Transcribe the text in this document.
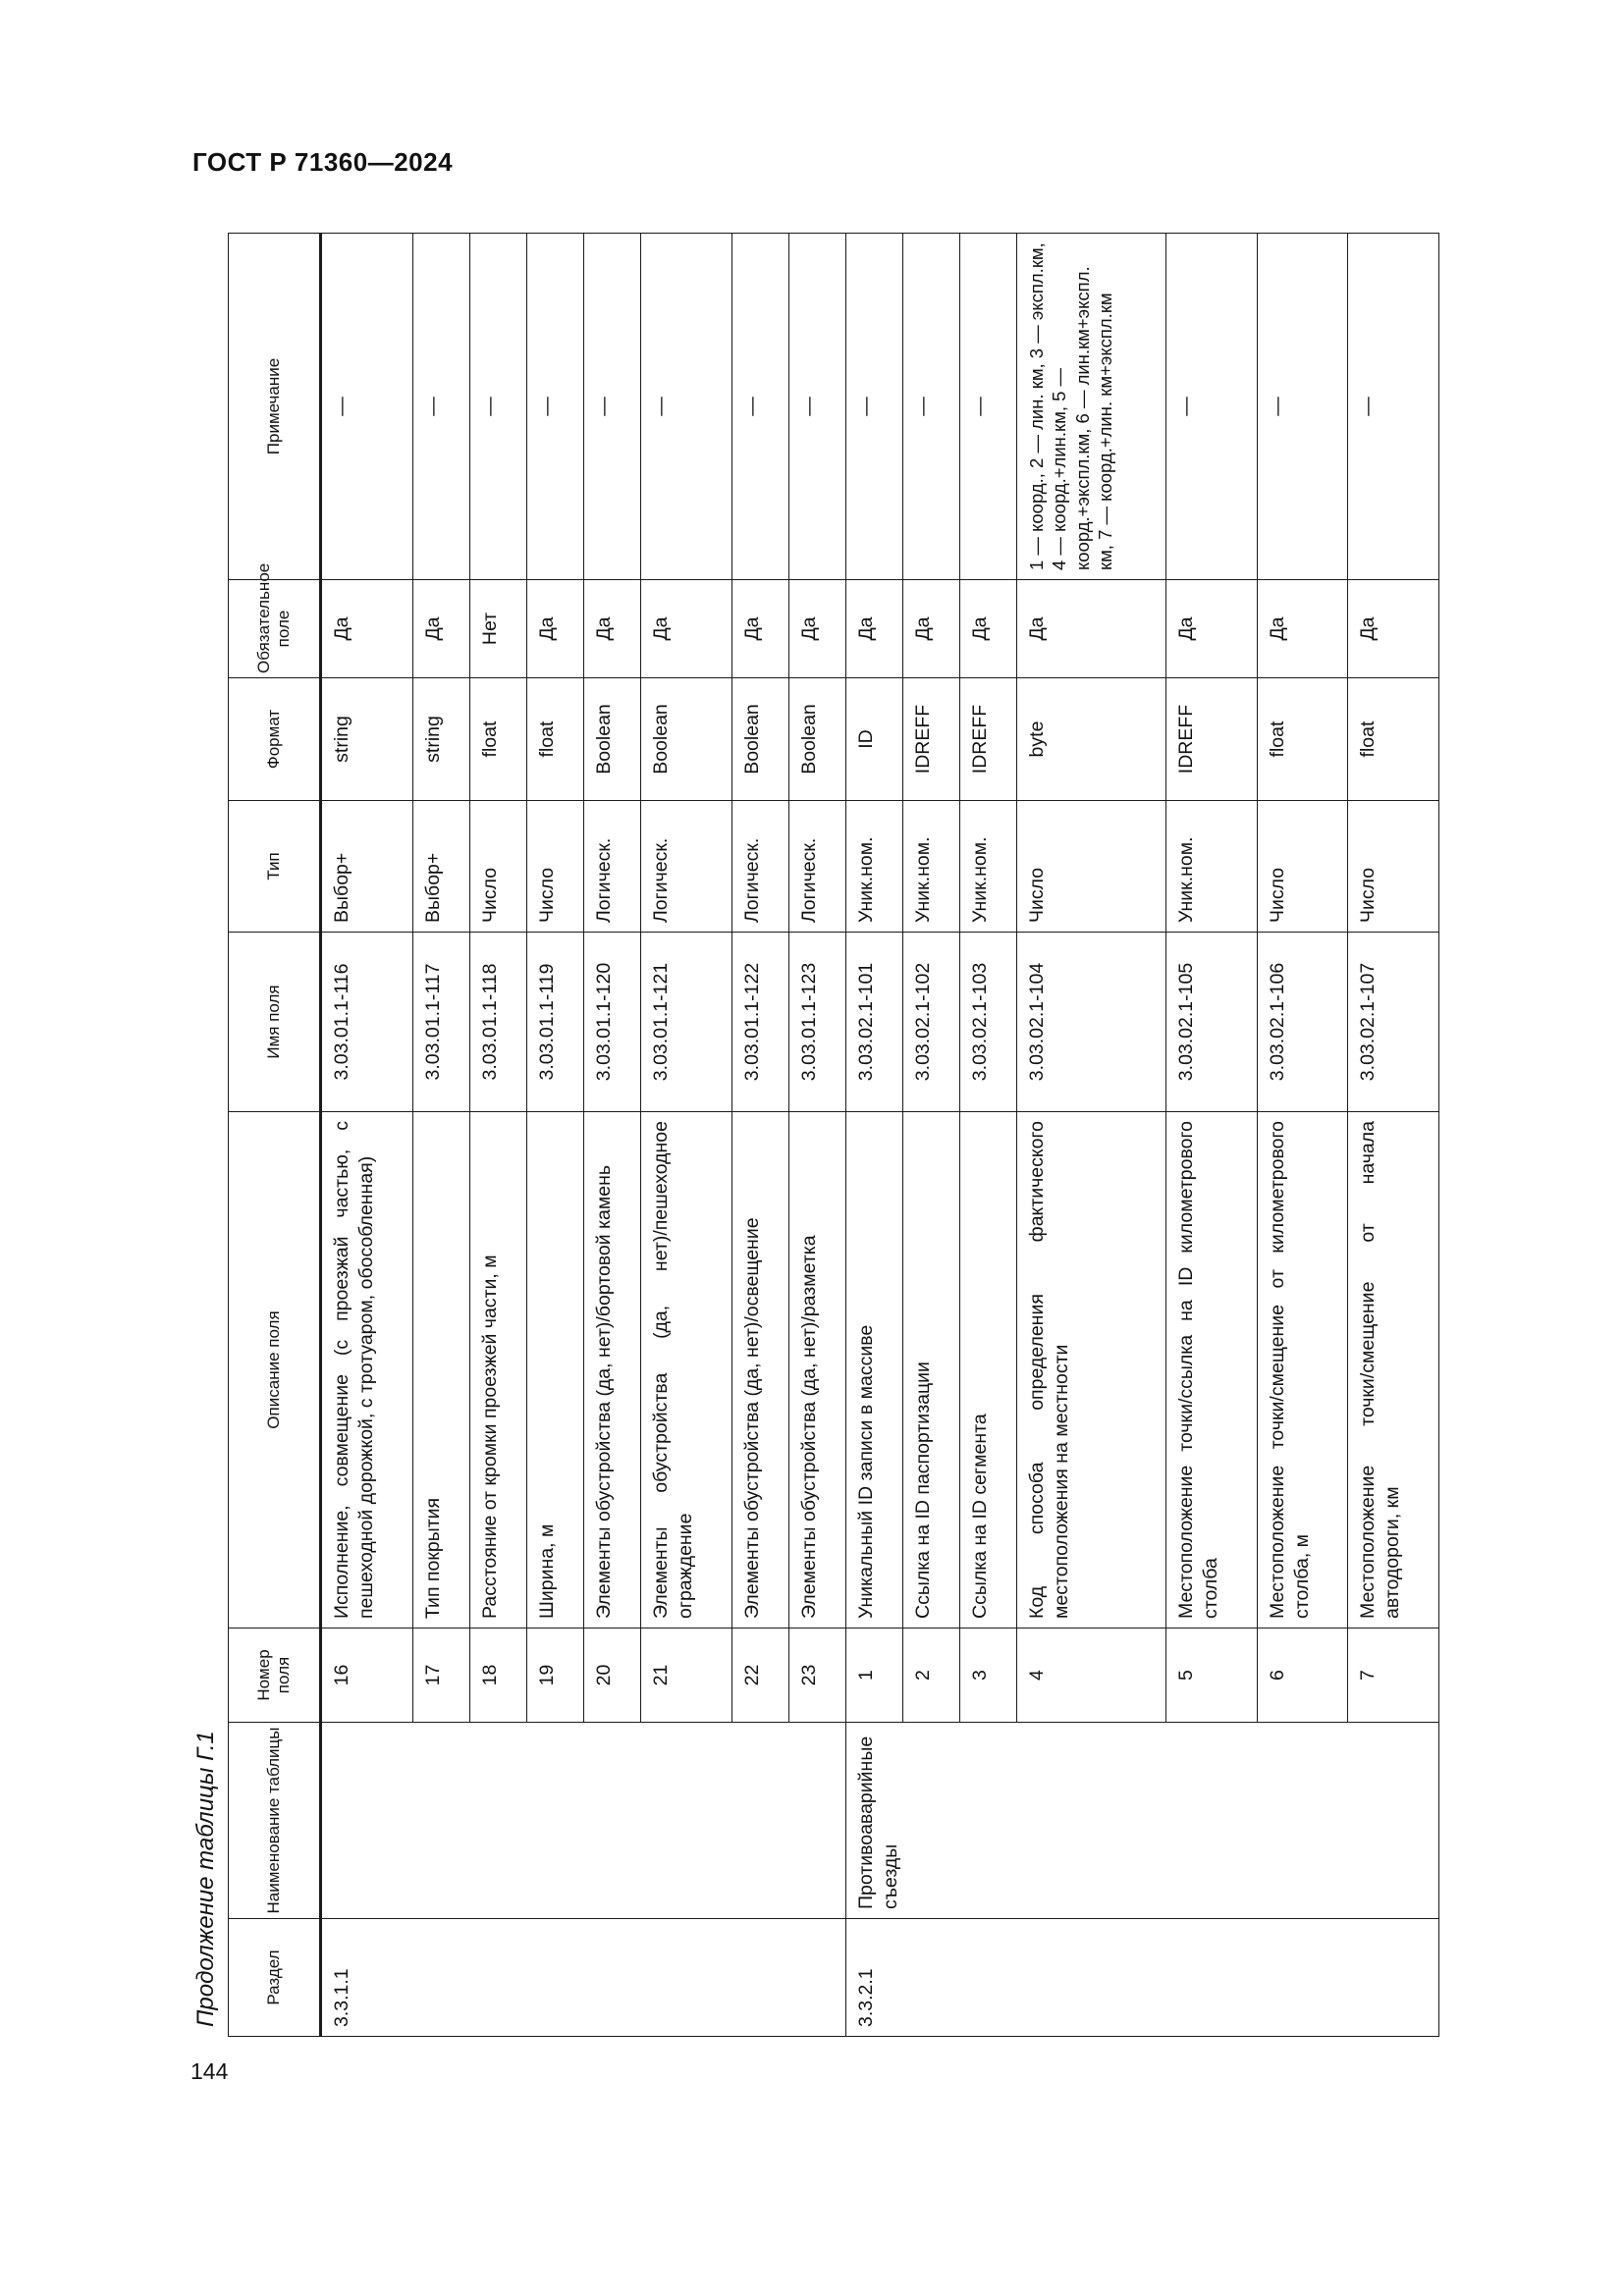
ГОСТ Р 71360—2024
144
Продолжение таблицы Г.1	Раздел	Наименование таблицы	Номер поля	Описание поля	Имя поля	Тип	Формат	Обязательное поле	Примечание
3.3.1.1		16	Исполнение, совмещение (с проезжай частью, с пешеходной дорожкой, с тротуаром, обособленная)	3.03.01.1-116	Выбор+	string	Да	—
		17	Тип покрытия	3.03.01.1-117	Выбор+	string	Да	—
		18	Расстояние от кромки проезжей части, м	3.03.01.1-118	Число	float	Нет	—
		19	Ширина, м	3.03.01.1-119	Число	float	Да	—
		20	Элементы обустройства (да, нет)/бортовой камень	3.03.01.1-120	Логическ.	Boolean	Да	—
		21	Элементы обустройства (да, нет)/пешеходное ограждение	3.03.01.1-121	Логическ.	Boolean	Да	—
		22	Элементы обустройства (да, нет)/освещение	3.03.01.1-122	Логическ.	Boolean	Да	—
		23	Элементы обустройства (да, нет)/разметка	3.03.01.1-123	Логическ.	Boolean	Да	—
3.3.2.1	Противоаварийные съезды	1	Уникальный ID записи в массиве	3.03.02.1-101	Уник.ном.	ID	Да	—
		2	Ссылка на ID паспортизации	3.03.02.1-102	Уник.ном.	IDREFF	Да	—
		3	Ссылка на ID сегмента	3.03.02.1-103	Уник.ном.	IDREFF	Да	—
		4	Код способа определения фактического местоположения на местности	3.03.02.1-104	Число	byte	Да	1 — коорд., 2 — лин. км, 3 — экспл.км, 4 — коорд.+лин.км, 5 —коорд.+экспл.км, 6 — лин.км+экспл. км, 7 — коорд.+лин. км+экспл.км
		5	Местоположение точки/ссылка на ID километрового столба	3.03.02.1-105	Уник.ном.	IDREFF	Да	—
		6	Местоположение точки/смещение от километрового столба, м	3.03.02.1-106	Число	float	Да	—
		7	Местоположение точки/смещение от начала автодороги, км	3.03.02.1-107	Число	float	Да	—
